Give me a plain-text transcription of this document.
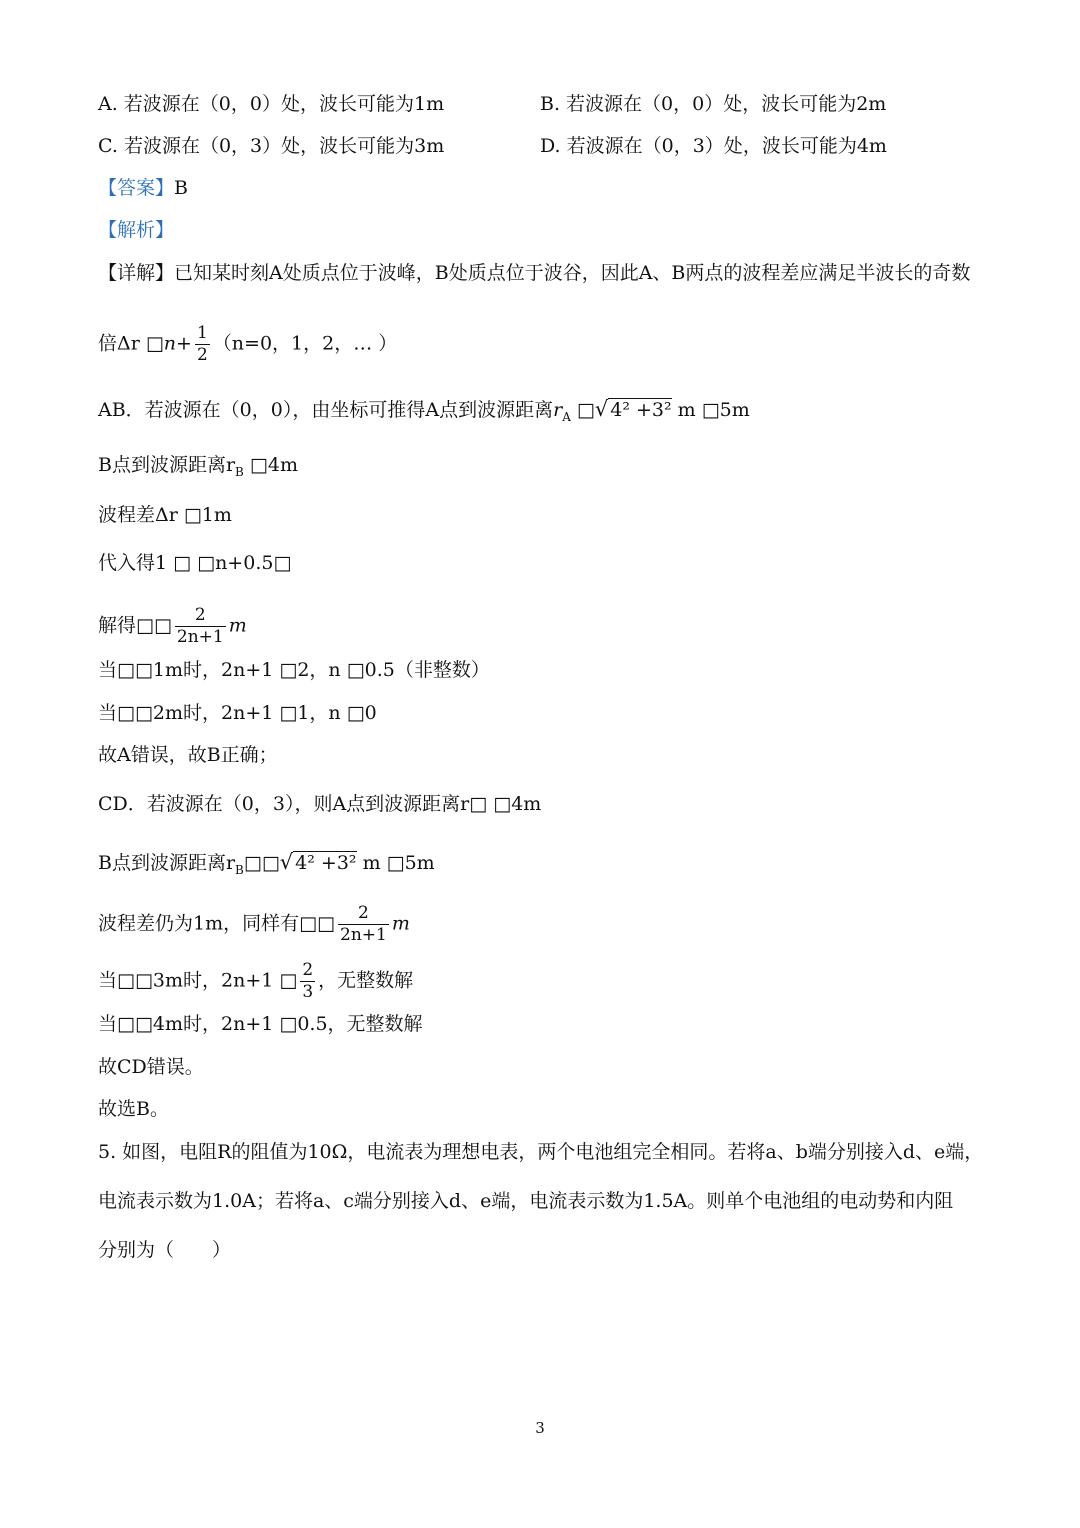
A. 若波源在（0，0）处，波长可能为1m	B. 若波源在（0，0）处，波长可能为2m
C. 若波源在（0，3）处，波长可能为3m	D. 若波源在（0，3）处，波长可能为4m
【答案】B
【解析】
【详解】已知某时刻A处质点位于波峰，B处质点位于波谷，因此A、B两点的波程差应满足半波长的奇数
倍Δr □n+ $\frac{1}{2} (n=0$，1，2，… ）
AB．若波源在（0，0），由坐标可推得A点到波源距离$r_A$ □√ 4² +3² m □5m
B点到波源距离$r_B$ □4m
波程差Δr □1m
代入得1 □ □n+0.5□
解得□□ $\frac{2}{2n+1}$ m
当□□1m时，2n+1 □2，n □0.5（非整数）
当□□2m时，2n+1 □1，n □0
故A错误，故B正确；
CD．若波源在（0，3），则A点到波源距离r□ □4m
B点到波源距离$r_B□□√$ 4² +3² m □5m
波程差仍为1m，同样有□□ $\frac{2}{2n+1}$ m
当□□3m时，2n+1 □ $\frac{2}{3}$ ，无整数解
当□□4m时，2n+1 □0.5，无整数解
故CD错误。
故选B。
5. 如图，电阻R的阻值为10Ω，电流表为理想电表，两个电池组完全相同。若将a、b端分别接入d、e端，
电流表示数为1.0A；若将a、c端分别接入d、e端，电流表示数为1.5A。则单个电池组的电动势和内阻
分别为（　　）
3
